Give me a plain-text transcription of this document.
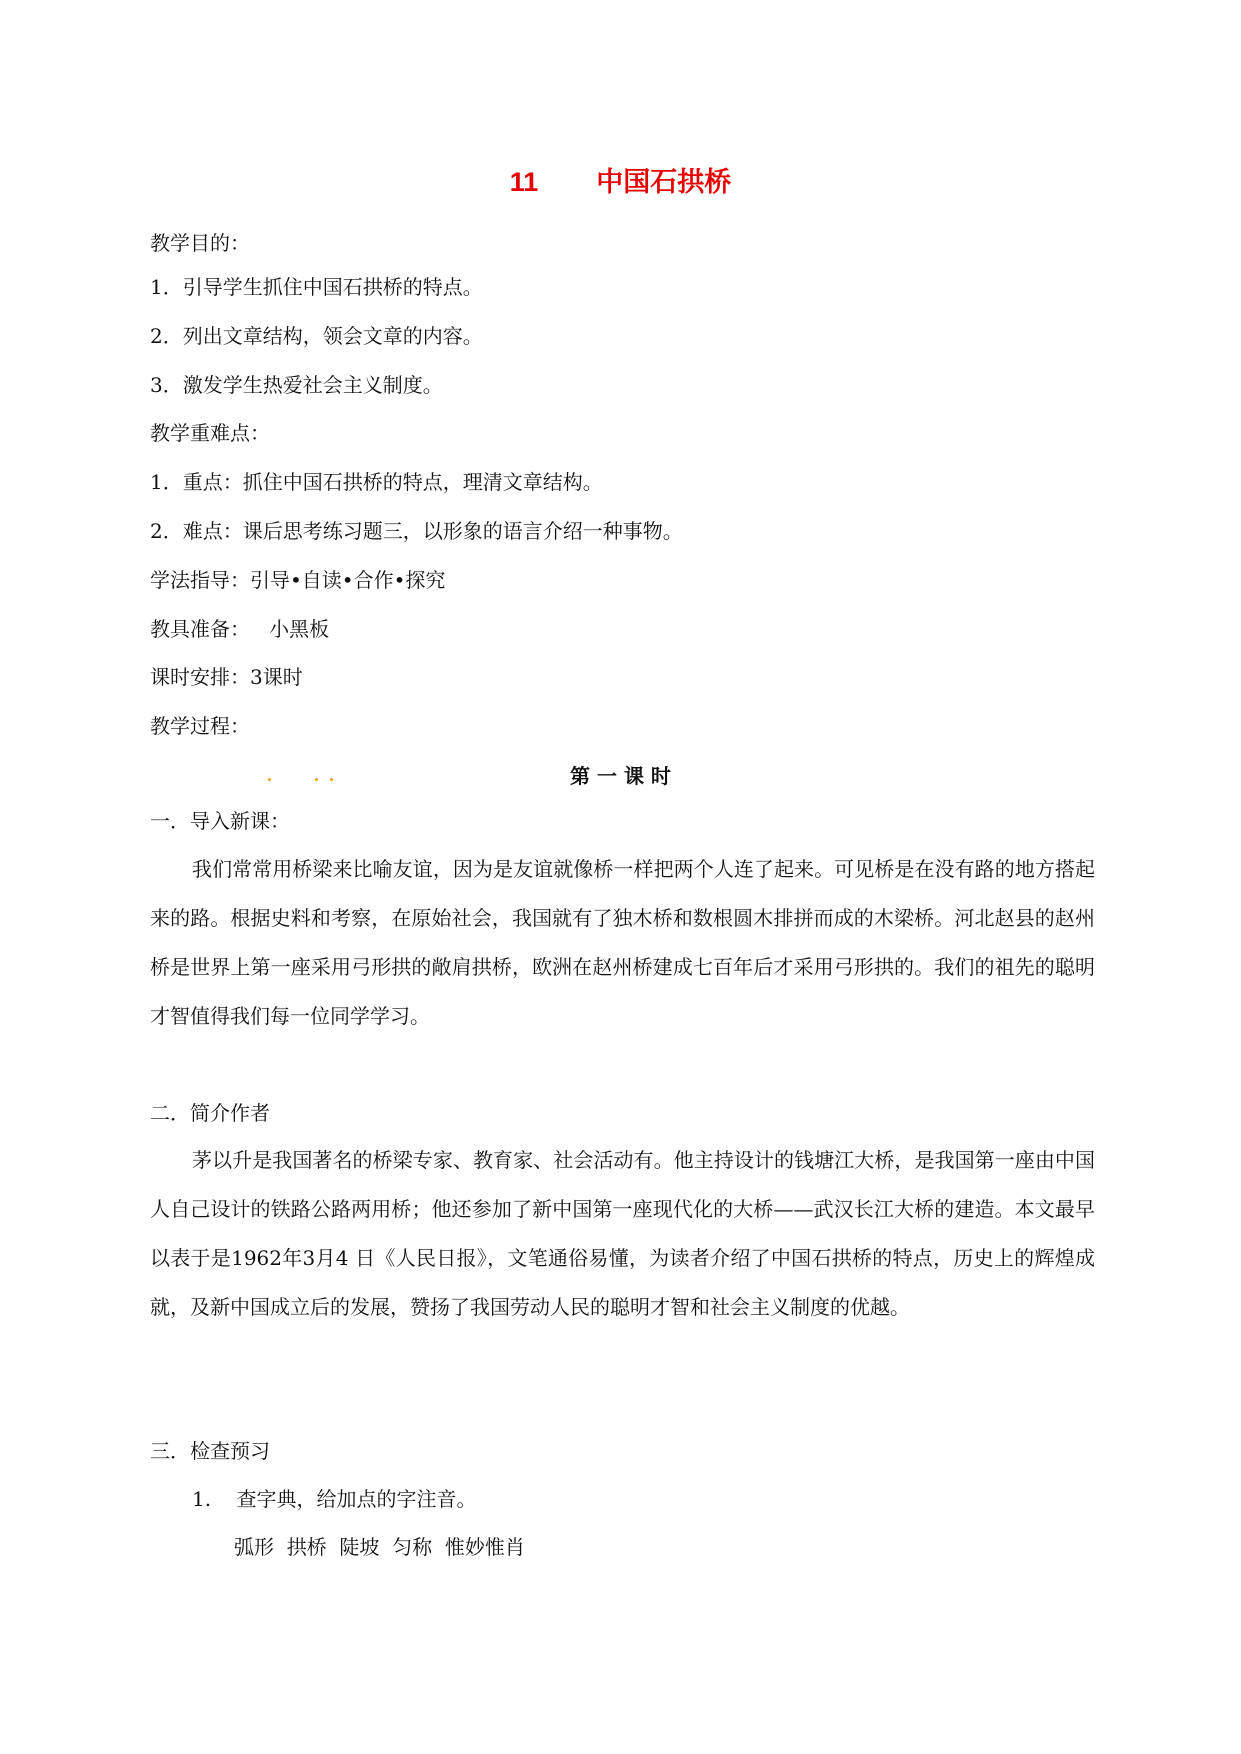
11 中国石拱桥
教学目的：
1．引导学生抓住中国石拱桥的特点。
2．列出文章结构，领会文章的内容。
3．激发学生热爱社会主义制度。
教学重难点：
1．重点：抓住中国石拱桥的特点，理清文章结构。
2．难点：课后思考练习题三，以形象的语言介绍一种事物。
学法指导：引导•自读•合作•探究
教具准备：   小黑板
课时安排：3课时
教学过程：
第 一 课 时
一．导入新课：
我们常常用桥梁来比喻友谊，因为是友谊就像桥一样把两个人连了起来。可见桥是在没有路的地方搭起来的路。根据史料和考察，在原始社会，我国就有了独木桥和数根圆木排拼而成的木梁桥。河北赵县的赵州桥是世界上第一座采用弓形拱的敞肩拱桥，欧洲在赵州桥建成七百年后才采用弓形拱的。我们的祖先的聪明才智值得我们每一位同学学习。
二．简介作者
茅以升是我国著名的桥梁专家、教育家、社会活动有。他主持设计的钱塘江大桥，是我国第一座由中国人自己设计的铁路公路两用桥；他还参加了新中国第一座现代化的大桥——武汉长江大桥的建造。本文最早以表于是1962年3月4 日《人民日报》，文笔通俗易懂，为读者介绍了中国石拱桥的特点，历史上的辉煌成就，及新中国成立后的发展，赞扬了我国劳动人民的聪明才智和社会主义制度的优越。
三．检查预习
1.    查字典，给加点的字注音。
弧形  拱桥  陡坡  匀称  惟妙惟肖
